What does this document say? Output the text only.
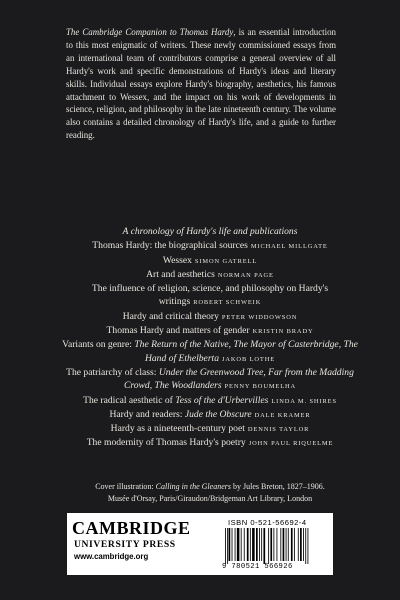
The Cambridge Companion to Thomas Hardy, is an essential introduction to this most enigmatic of writers. These newly commissioned essays from an international team of contributors comprise a general overview of all Hardy's work and specific demonstrations of Hardy's ideas and literary skills. Individual essays explore Hardy's biography, aesthetics, his famous attachment to Wessex, and the impact on his work of developments in science, religion, and philosophy in the late nineteenth century. The volume also contains a detailed chronology of Hardy's life, and a guide to further reading.
A chronology of Hardy's life and publications
Thomas Hardy: the biographical sources MICHAEL MILLGATE
Wessex SIMON GATRELL
Art and aesthetics NORMAN PAGE
The influence of religion, science, and philosophy on Hardy's writings ROBERT SCHWEIK
Hardy and critical theory PETER WIDDOWSON
Thomas Hardy and matters of gender KRISTIN BRADY
Variants on genre: The Return of the Native, The Mayor of Casterbridge, The Hand of Ethelberta JAKOB LOTHE
The patriarchy of class: Under the Greenwood Tree, Far from the Madding Crowd, The Woodlanders PENNY BOUMELHA
The radical aesthetic of Tess of the d'Urbervilles LINDA M. SHIRES
Hardy and readers: Jude the Obscure DALE KRAMER
Hardy as a nineteenth-century poet DENNIS TAYLOR
The modernity of Thomas Hardy's poetry JOHN PAUL RIQUELME
Cover illustration: Calling in the Gleaners by Jules Breton, 1827–1906.
Musée d'Orsay, Paris/Giraudon/Bridgeman Art Library, London
CAMBRIDGE
UNIVERSITY PRESS
www.cambridge.org
ISBN 0-521-56692-4
9 780521 566926
